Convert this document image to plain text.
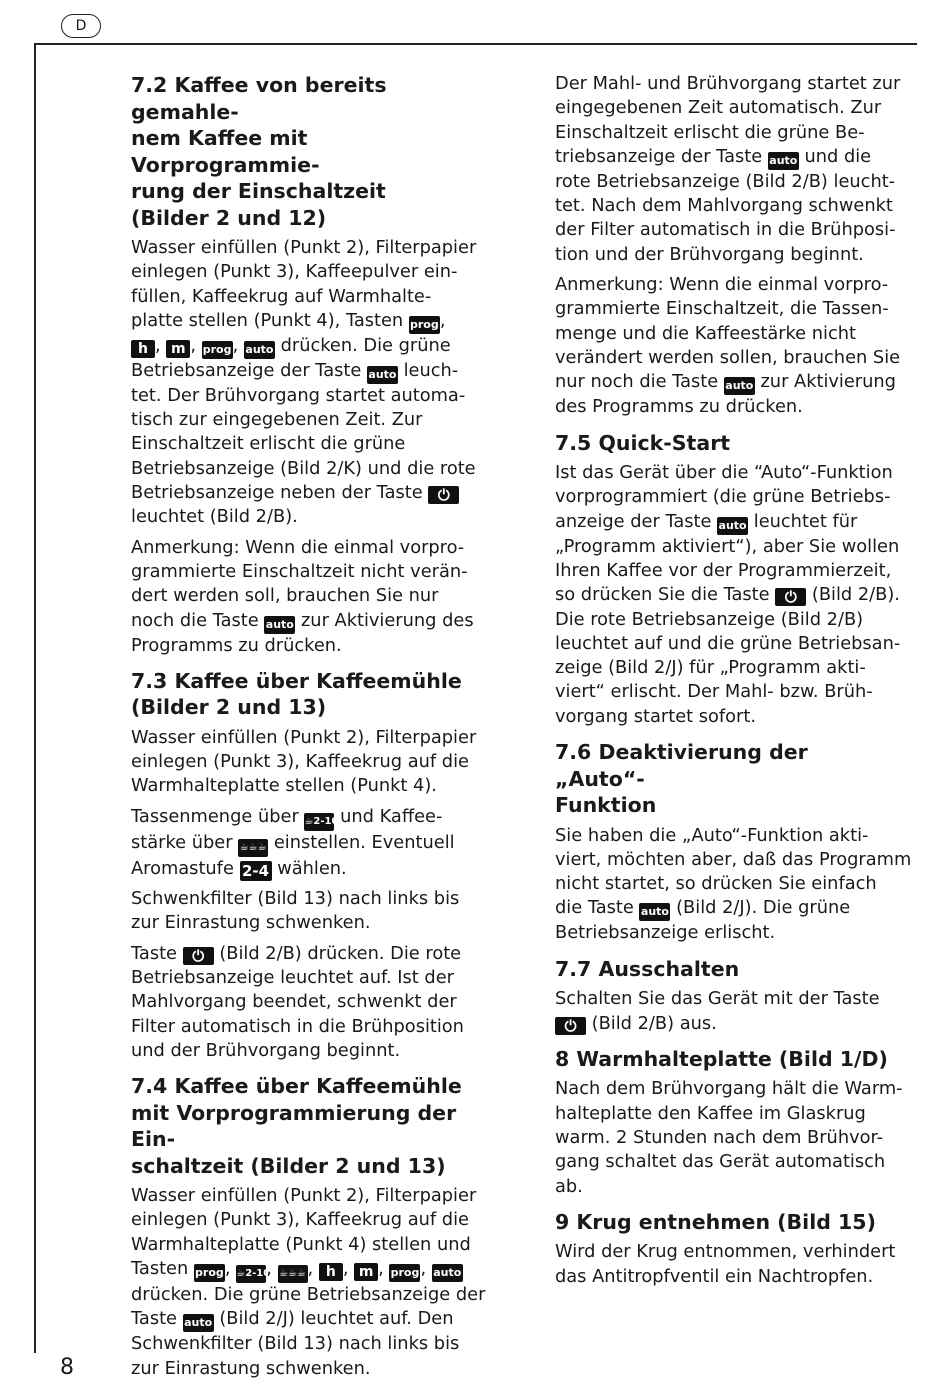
D
8
7.2 Kaffee von bereits gemahle-
nem Kaffee mit Vorprogrammie-
rung der Einschaltzeit
(Bilder 2 und 12)

Wasser einfüllen (Punkt 2), Filterpapier
einlegen (Punkt 3), Kaffeepulver ein-
füllen, Kaffeekrug auf Warmhalte-
platte stellen (Punkt 4), Tasten prog,
h , m , prog, auto drücken. Die grüne
Betriebsanzeige der Taste auto leuch-
tet. Der Brühvorgang startet automa-
tisch zur eingegebenen Zeit. Zur
Einschaltzeit erlischt die grüne
Betriebsanzeige (Bild 2/K) und die rote
Betriebsanzeige neben der Taste ⏻
leuchtet (Bild 2/B).

Anmerkung: Wenn die einmal vorpro-
grammierte Einschaltzeit nicht verän-
dert werden soll, brauchen Sie nur
noch die Taste auto zur Aktivierung des
Programms zu drücken.

7.3 Kaffee über Kaffeemühle
(Bilder 2 und 13)

Wasser einfüllen (Punkt 2), Filterpapier
einlegen (Punkt 3), Kaffeekrug auf die
Warmhalteplatte stellen (Punkt 4).

Tassenmenge über ☕2-10 und Kaffee-
stärke über ☕☕☕ einstellen. Eventuell
Aromastufe 2-4 wählen.

Schwenkfilter (Bild 13) nach links bis
zur Einrastung schwenken.

Taste ⏻ (Bild 2/B) drücken. Die rote
Betriebsanzeige leuchtet auf. Ist der
Mahlvorgang beendet, schwenkt der
Filter automatisch in die Brühposition
und der Brühvorgang beginnt.

7.4 Kaffee über Kaffeemühle
mit Vorprogrammierung der Ein-
schaltzeit (Bilder 2 und 13)

Wasser einfüllen (Punkt 2), Filterpapier
einlegen (Punkt 3), Kaffeekrug auf die
Warmhalteplatte (Punkt 4) stellen und
Tasten prog, ☕2-10, ☕☕☕, h , m , prog, auto
drücken. Die grüne Betriebsanzeige der
Taste auto (Bild 2/J) leuchtet auf. Den
Schwenkfilter (Bild 13) nach links bis
zur Einrastung schwenken.

Der Mahl- und Brühvorgang startet zur
eingegebenen Zeit automatisch. Zur
Einschaltzeit erlischt die grüne Be-
triebsanzeige der Taste auto und die
rote Betriebsanzeige (Bild 2/B) leucht-
tet. Nach dem Mahlvorgang schwenkt
der Filter automatisch in die Brühposi-
tion und der Brühvorgang beginnt.

Anmerkung: Wenn die einmal vorpro-
grammierte Einschaltzeit, die Tassen-
menge und die Kaffeestärke nicht
verändert werden sollen, brauchen Sie
nur noch die Taste auto zur Aktivierung
des Programms zu drücken.

7.5 Quick-Start

Ist das Gerät über die “Auto“-Funktion
vorprogrammiert (die grüne Betriebs-
anzeige der Taste auto leuchtet für
„Programm aktiviert“), aber Sie wollen
Ihren Kaffee vor der Programmierzeit,
so drücken Sie die Taste ⏻ (Bild 2/B).
Die rote Betriebsanzeige (Bild 2/B)
leuchtet auf und die grüne Betriebsan-
zeige (Bild 2/J) für „Programm akti-
viert“ erlischt. Der Mahl- bzw. Brüh-
vorgang startet sofort.

7.6 Deaktivierung der „Auto“-
Funktion

Sie haben die „Auto“-Funktion akti-
viert, möchten aber, daß das Programm
nicht startet, so drücken Sie einfach
die Taste auto (Bild 2/J). Die grüne
Betriebsanzeige erlischt.

7.7 Ausschalten

Schalten Sie das Gerät mit der Taste
⏻ (Bild 2/B) aus.

8 Warmhalteplatte (Bild 1/D)

Nach dem Brühvorgang hält die Warm-
halteplatte den Kaffee im Glaskrug
warm. 2 Stunden nach dem Brühvor-
gang schaltet das Gerät automatisch
ab.

9 Krug entnehmen (Bild 15)

Wird der Krug entnommen, verhindert
das Antitropfventil ein Nachtropfen.
